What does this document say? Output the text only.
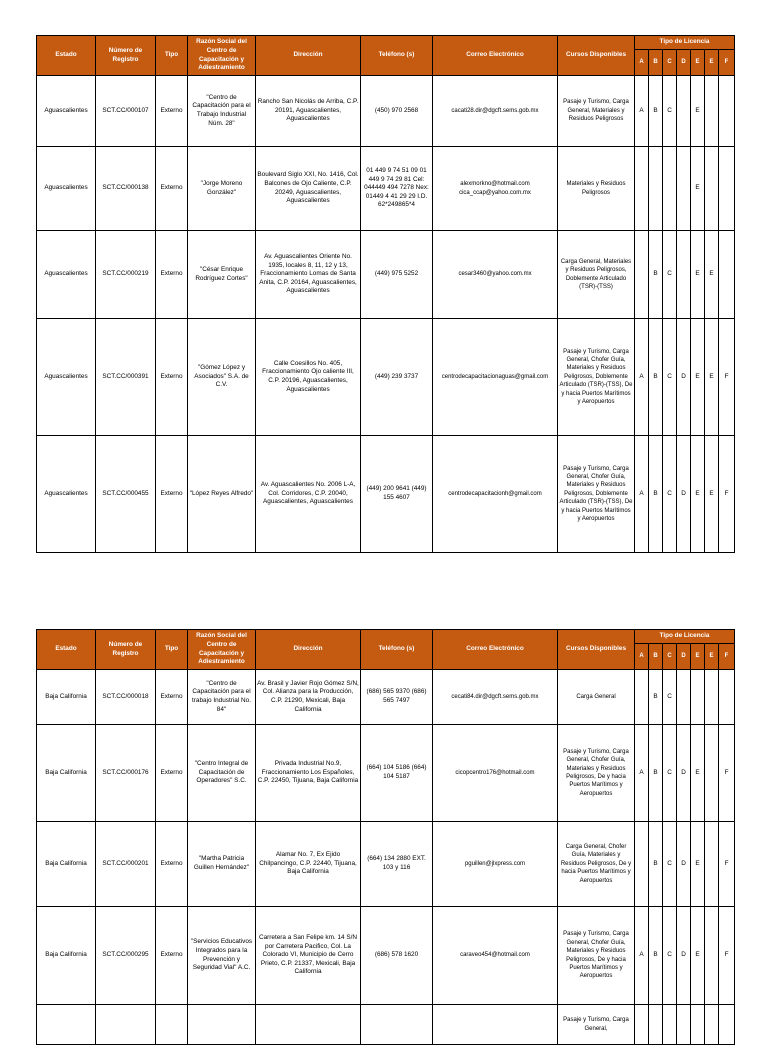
Estado	Número de Registro	Tipo	Razón Social del Centro de Capacitación y Adiestramiento	Dirección	Teléfono (s)	Correo Electrónico	Cursos Disponibles	Tipo de Licencia						
								A	B	C	D	E	E	F
Aguascalientes	SCT.CC/000107	Externo	"Centro de Capacitación para el Trabajo Industrial Núm. 28"	Rancho San Nicolás de Arriba, C.P. 20191, Aguascalientes, Aguascalientes	(450) 970 2568	cacati28.dir@dgcft.sems.gob.mx	Pasaje y Turismo, Carga General, Materiales y Residuos Peligrosos	A	B	C		E		
Aguascalientes	SCT.CC/000138	Externo	"Jorge Moreno González"	Boulevard Siglo XXI, No. 1416, Col. Balcones de Ojo Caliente, C.P. 20249, Aguascalientes, Aguascalientes	01 449 9 74 51 09 01 449 9 74 29 81 Cel: 044449 494 7278 Nex: 01449 4 41 29 29 I.D. 62*249865*4	alexmorkno@hotmail.com cica_ccap@yahoo.com.mx	Materiales y Residuos Peligrosos					E		
Aguascalientes	SCT.CC/000219	Externo	"César Enrique Rodríguez Cortes"	Av. Aguascalientes Oriente No. 1935, locales 8, 11, 12 y 13, Fraccionamiento Lomas de Santa Anita, C.P. 20164, Aguascalientes, Aguascalientes	(449) 975 5252	cesar3460@yahoo.com.mx	Carga General, Materiales y Residuos Peligrosos, Doblemente Articulado (TSR)-(TSS)		B	C		E	E	
Aguascalientes	SCT.CC/000391	Externo	"Gómez López y Asociados" S.A. de C.V.	Calle Coesillos No. 405, Fraccionamiento Ojo caliente III, C.P. 20196, Aguascalientes, Aguascalientes	(449) 239 3737	centrodecapacitacionaguas@gmail.com	Pasaje y Turismo, Carga General, Chofer Guía, Materiales y Residuos Peligrosos, Doblemente Articulado (TSR)-(TSS), De y hacia Puertos Marítimos y Aeropuertos	A	B	C	D	E	E	F
Aguascalientes	SCT.CC/000455	Externo	"López Reyes Alfredo"	Av. Aguascalientes No. 2006 L-A, Col. Corridores, C.P. 20040, Aguascalientes, Aguascalientes	(449) 200 9641 (449) 155 4607	centrodecapacitacionh@gmail.com	Pasaje y Turismo, Carga General, Chofer Guía, Materiales y Residuos Peligrosos, Doblemente Articulado (TSR)-(TSS), De y hacia Puertos Marítimos y Aeropuertos	A	B	C	D	E	E	F
Estado	Número de Registro	Tipo	Razón Social del Centro de Capacitación y Adiestramiento	Dirección	Teléfono (s)	Correo Electrónico	Cursos Disponibles	Tipo de Licencia						
								A	B	C	D	E	E	F
Baja California	SCT.CC/000018	Externo	"Centro de Capacitación para el trabajo Industrial No. 84"	Av. Brasil y Javier Rojo Gómez S/N, Col. Alianza para la Producción, C.P. 21290, Mexicali, Baja California	(686) 565 9370 (686) 565 7497	cecati84.dir@dgcft.sems.gob.mx	Carga General		B	C				
Baja California	SCT.CC/000176	Externo	"Centro Integral de Capacitación de Operadores" S.C.	Privada Industrial No.9, Fraccionamiento Los Españoles, C.P. 22450, Tijuana, Baja California	(664) 104 5186 (664) 104 5187	cicopcentro176@hotmail.com	Pasaje y Turismo, Carga General, Chofer Guía, Materiales y Residuos Peligrosos, De y hacia Puertos Marítimos y Aeropuertos	A	B	C	D	E		F
Baja California	SCT.CC/000201	Externo	"Martha Patricia Guillen Hernández"	Alamar No. 7, Ex Ejido Chilpancingo, C.P. 22440, Tijuana, Baja California	(664) 134 2880 EXT. 103 y 116	pguillen@jlxpress.com	Carga General, Chofer Guía, Materiales y Residuos Peligrosos, De y hacia Puertos Marítimos y Aeropuertos		B	C	D	E		F
Baja California	SCT.CC/000295	Externo	"Servicios Educativos Integrados para la Prevención y Seguridad Vial" A.C.	Carretera a San Felipe km. 14 S/N por Carretera Pacifico, Col. La Colorado VI, Municipio de Cerro Prieto, C.P. 21337, Mexicali, Baja California	(686) 578 1620	caraveo454@hotmail.com	Pasaje y Turismo, Carga General, Chofer Guía, Materiales y Residuos Peligrosos, De y hacia Puertos Marítimos y Aeropuertos	A	B	C	D	E		F
							Pasaje y Turismo, Carga General,							
